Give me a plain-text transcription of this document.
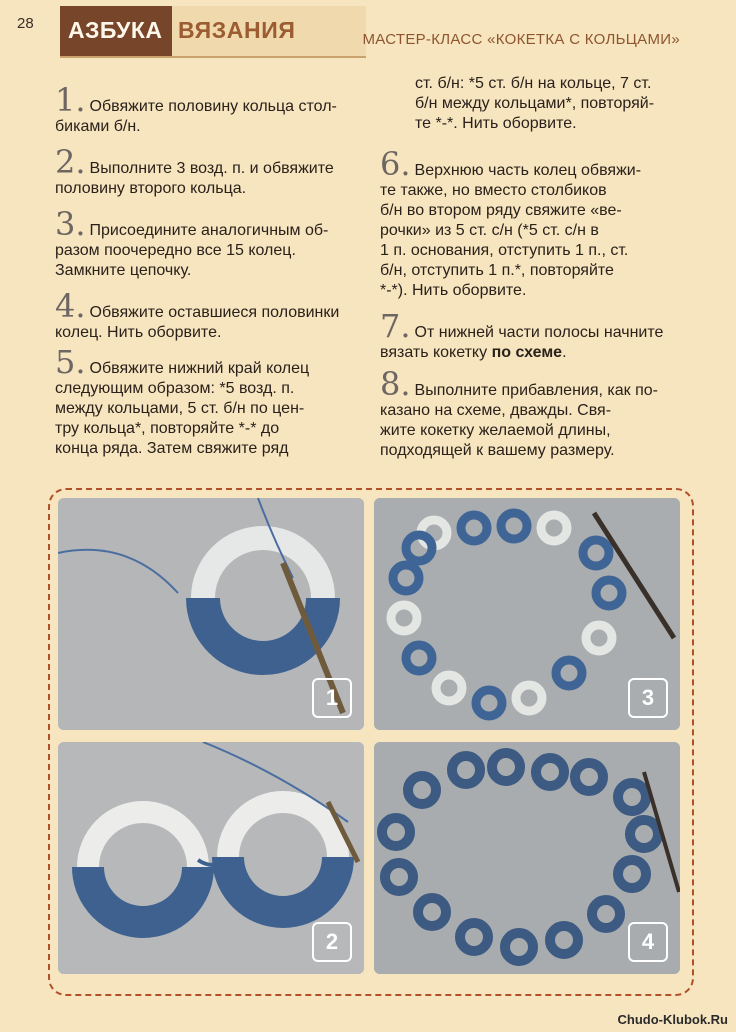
28 АЗБУКА ВЯЗАНИЯ	МАСТЕР-КЛАСС «КОКЕТКА С КОЛЬЦАМИ»
1. Обвяжите половину кольца стол-
биками б/н.
2. Выполните 3 возд. п. и обвяжите
половину второго кольца.
3. Присоедините аналогичным об-
разом поочередно все 15 колец.
Замкните цепочку.
4. Обвяжите оставшиеся половинки
колец. Нить оборвите.
5. Обвяжите нижний край колец
следующим образом: *5 возд. п.
между кольцами, 5 ст. б/н по цен-
тру кольца*, повторяйте *-* до
конца ряда. Затем свяжите ряд
ст. б/н: *5 ст. б/н на кольце, 7 ст.
б/н между кольцами*, повторяй-
те *-*. Нить оборвите.
6. Верхнюю часть колец обвяжи-
те также, но вместо столбиков
б/н во втором ряду свяжите «ве-
рочки» из 5 ст. с/н (*5 ст. с/н в
1 п. основания, отступить 1 п., ст.
б/н, отступить 1 п.*, повторяйте
*-*). Нить оборвите.
7. От нижней части полосы начните
вязать кокетку по схеме.
8. Выполните прибавления, как по-
казано на схеме, дважды. Свя-
жите кокетку желаемой длины,
подходящей к вашему размеру.
1	3
2	4
Chudo-Klubok.Ru
